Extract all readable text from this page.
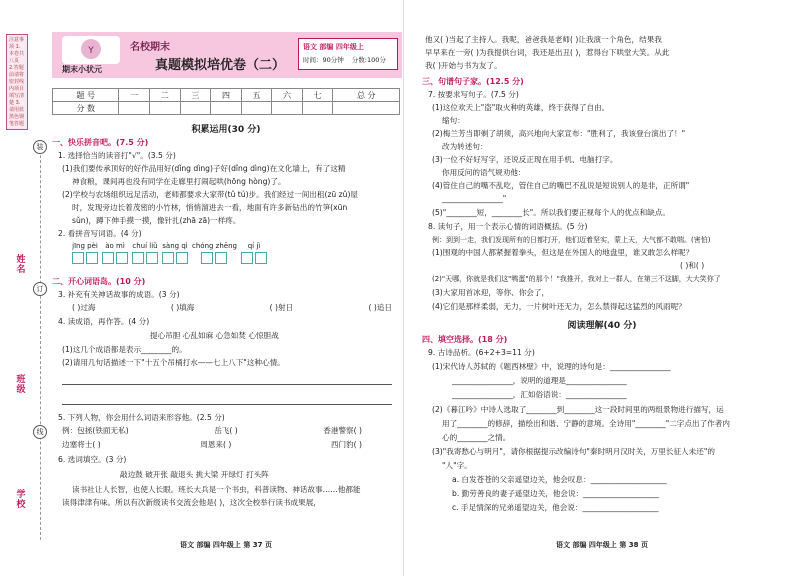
注意事项 1.本卷共八页 2.答题前请将密封线内项目填写清楚 3.请用蓝黑色钢笔答题
装
订
线
学校
班级
姓名
Y	名校期末
真题模拟培优卷（二）
期末小状元
语文 部编 四年级上
时间：90分钟 分数:100分
题 号	一	二	三	四	五	六	七	总 分
分 数								
积累运用(30 分)
一、快乐拼音吧。(7.5 分)
1. 选择恰当的读音打"√"。(3.5 分)
(1)我们要传承顶好的好作品用好(dǐng dìng)子好(dǐng dìng)在文化墙上，有了这精
神食粮，课间再也没有同学在走廊里打闹起哄(hōng hòng)了。
(2)学校与农场组织远足活动，老师都要求大家带(tǔ tú)步。我们经过一间出租(zū zǔ)屋
时，发现旁边长着茂密的小竹林，悄悄溜进去一看，地面有许多新钻出的竹笋(xūn
sǔn)，蹲下伸手摸一摸，像针扎(zhā zā)一样疼。
2. 看拼音写词语。(4 分)
jīng pèi ào mì chuí liǔ sàng qì chóng zhēng qí jì
二、开心词语岛。(10 分)
3. 补充有关神话故事的成语。(3 分)
( )过海	( )填海	( )射日	( )追日
4. 读成语，再作答。(4 分)
提心吊胆 心乱如麻 心急如焚 心惊胆战
(1)这几个成语都是表示________的。
(2)请用几句话描述一下"十五个吊桶打水——七上八下"这种心情。
5. 下列人物，你会用什么词语来形容他。(2.5 分)
例：包拯(铁面无私)	岳飞( )	香港警察( )
边塞将士( )	周恩来( )	西门豹( )
6. 选词填空。(3 分)
敲边鼓 破开张 敲退头 挑大梁 开绿灯 打头阵
读书社让人长智，也使人长眼。班长大兵是一个书虫，科普读物、神话故事……他都能
读得津津有味。所以有次新级读书交流会他是( )，这次全校举行读书成果展，
语文 部编 四年级上 第 37 页
他又( )当起了主持人。我呢，爸爸我是老师( )让我演一个角色，结果我
早早来在一旁( )为我提供台词，我还是出丑( )，惹得台下哄堂大笑。从此
我( )开始与书为友了。
三、句谱句子家。(12.5 分)
7. 按要求写句子。(7.5 分)
(1)这位欢天上"盗"取火种的英雄，终于获得了自由。
缩句：
(2)梅兰芳当即剃了胡须，高兴地向大家宣布："胜利了，我该登台演出了！"
改为转述句：
(3)一位不好好写字，还说反正现在用手机、电脑打字。
你用反问的语气规劝他：
(4)管住自己的嘴不乱吃，管住自己的嘴巴不乱说是短说别人的是非，正所谓"
________________"
(5)"________短，________长"。所以我们要正视每个人的优点和缺点。
8. 读句子，用一个表示心情的词语概括。(5 分)
例：到到一走，我们发现所有的日都打开，他们迈着坚实，蒙上天，大气都不敢喘。(害怕)
(1)围观的中国人都紧握着拳头，但这是在外国人的地盘里，谁又敢怎么样呢？
( )和( )
(2)"天哪，你就是我们这"鸭蛋"的那个！"我推开，我对上一群人，在第三不这脚，大大笑你了
(3)大家用首冰迎，等你、你会了，
(4)它们是那样柔弱，无力，一片树叶还无力，怎么禁得起这猛烈的风雨呢？
阅读理解(40 分)
四、填空选择。(18 分)
9. 古诗品析。(6+2+3=11 分)
(1)宋代诗人苏轼的《题西林壁》中，说理的诗句是：________________
________________，说明的道理是________________
________________，汇如俗语说：________________
(2)《暮江吟》中诗人选取了________到________这一段时间里的两组景物进行描写，运
用了________的修辞，描绘出和谐、宁静的意境。全诗用"________"二字点出了作者内
心的________之情。
(3)"我寄愁心与明月"，请你根据提示改编诗句"秦时明月汉时关，万里长征人未还"的
"人"字。
a. 白发苍苍的父亲遥望边关，他会叹息：____________________
b. 勤劳善良的妻子遥望边关，他会说：____________________
c. 手足情深的兄弟遥望边关，他会说：____________________
语文 部编 四年级上 第 38 页
